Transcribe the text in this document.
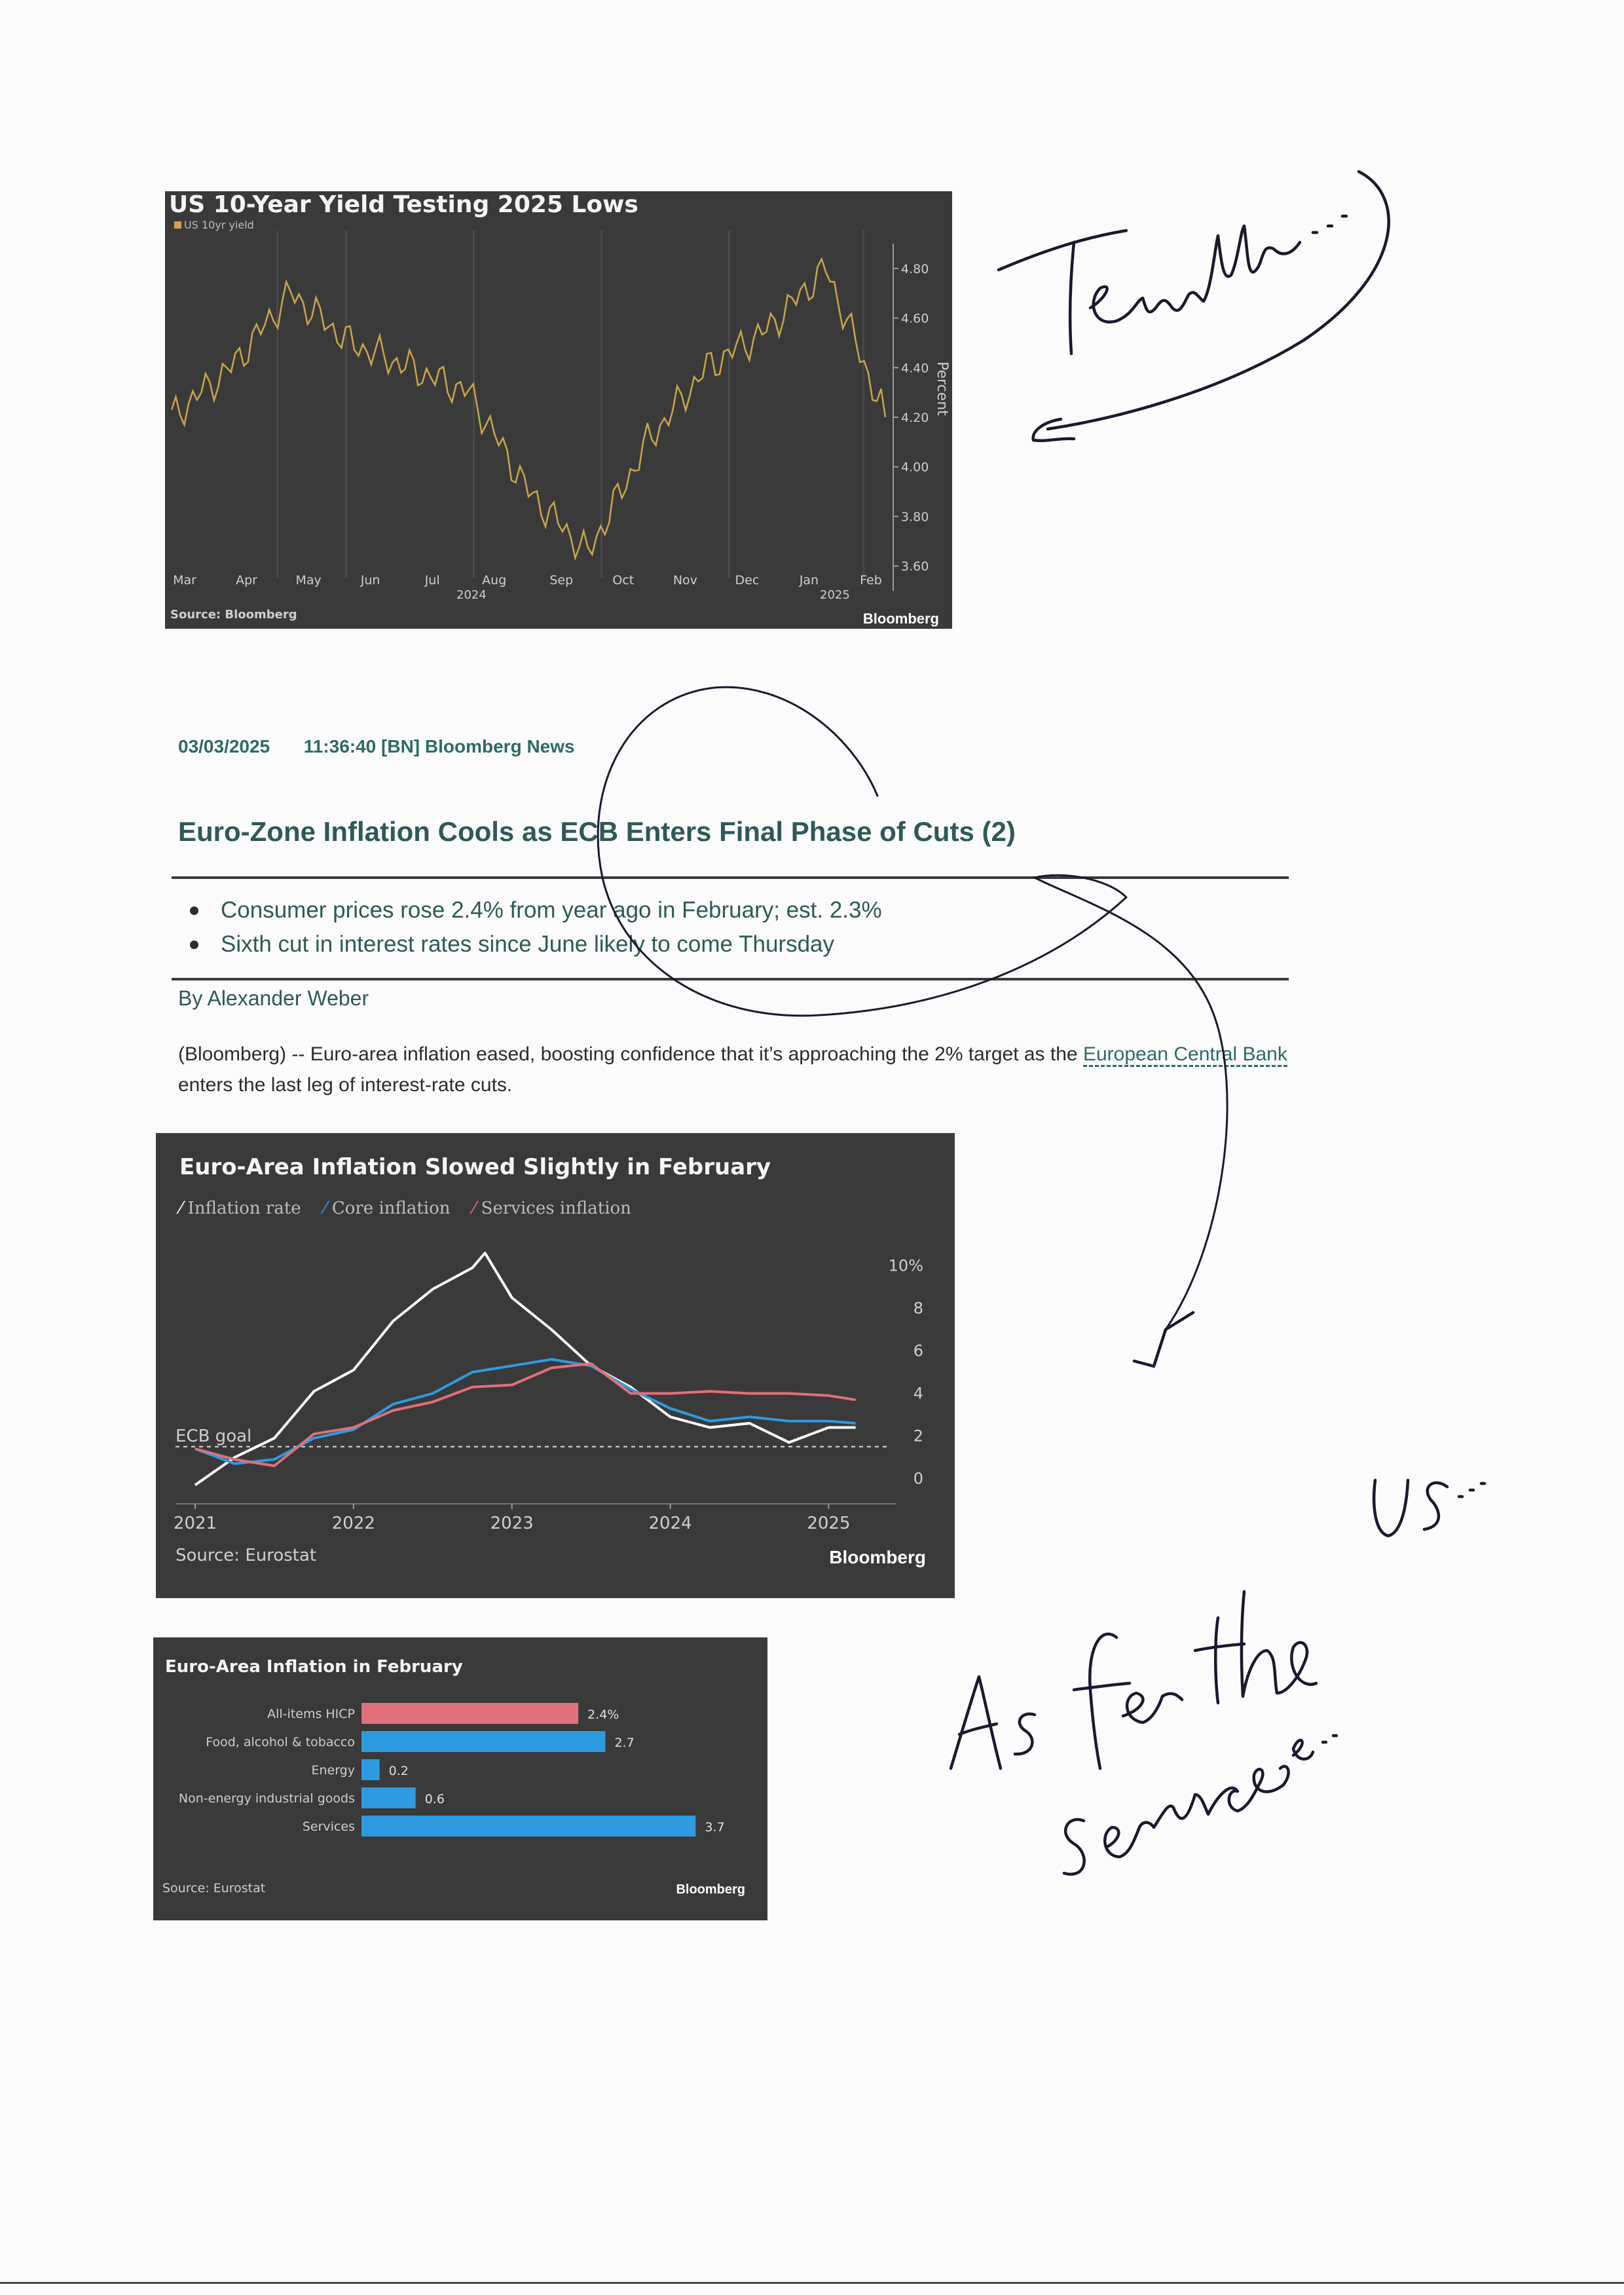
US 10-Year Yield Testing 2025 Lows
US 10yr yield
4.80
4.60
4.40
4.20
4.00
3.80
3.60
Percent
Mar	Apr	May	Jun	Jul	Aug	Sep	Oct	Nov	Dec	Jan	Feb
2024	2025
Source: Bloomberg	Bloomberg
03/03/2025 11:36:40 [BN] Bloomberg News
Euro-Zone Inflation Cools as ECB Enters Final Phase of Cuts (2)
Consumer prices rose 2.4% from year ago in February; est. 2.3%
Sixth cut in interest rates since June likely to come Thursday
By Alexander Weber
(Bloomberg) -- Euro-area inflation eased, boosting confidence that it’s approaching the 2% target as the European Central Bank enters the last leg of interest-rate cuts.
Euro-Area Inflation Slowed Slightly in February
⁄ Inflation rate ⁄ Core inflation ⁄ Services inflation
10%
8
6
4
2
0
ECB goal
2021	2022	2023	2024	2025
Source: Eurostat	Bloomberg
Euro-Area Inflation in February
All-items HICP	2.4%
Food, alcohol & tobacco	2.7
Energy	0.2
Non-energy industrial goods	0.6
Services	3.7
Source: Eurostat	Bloomberg
